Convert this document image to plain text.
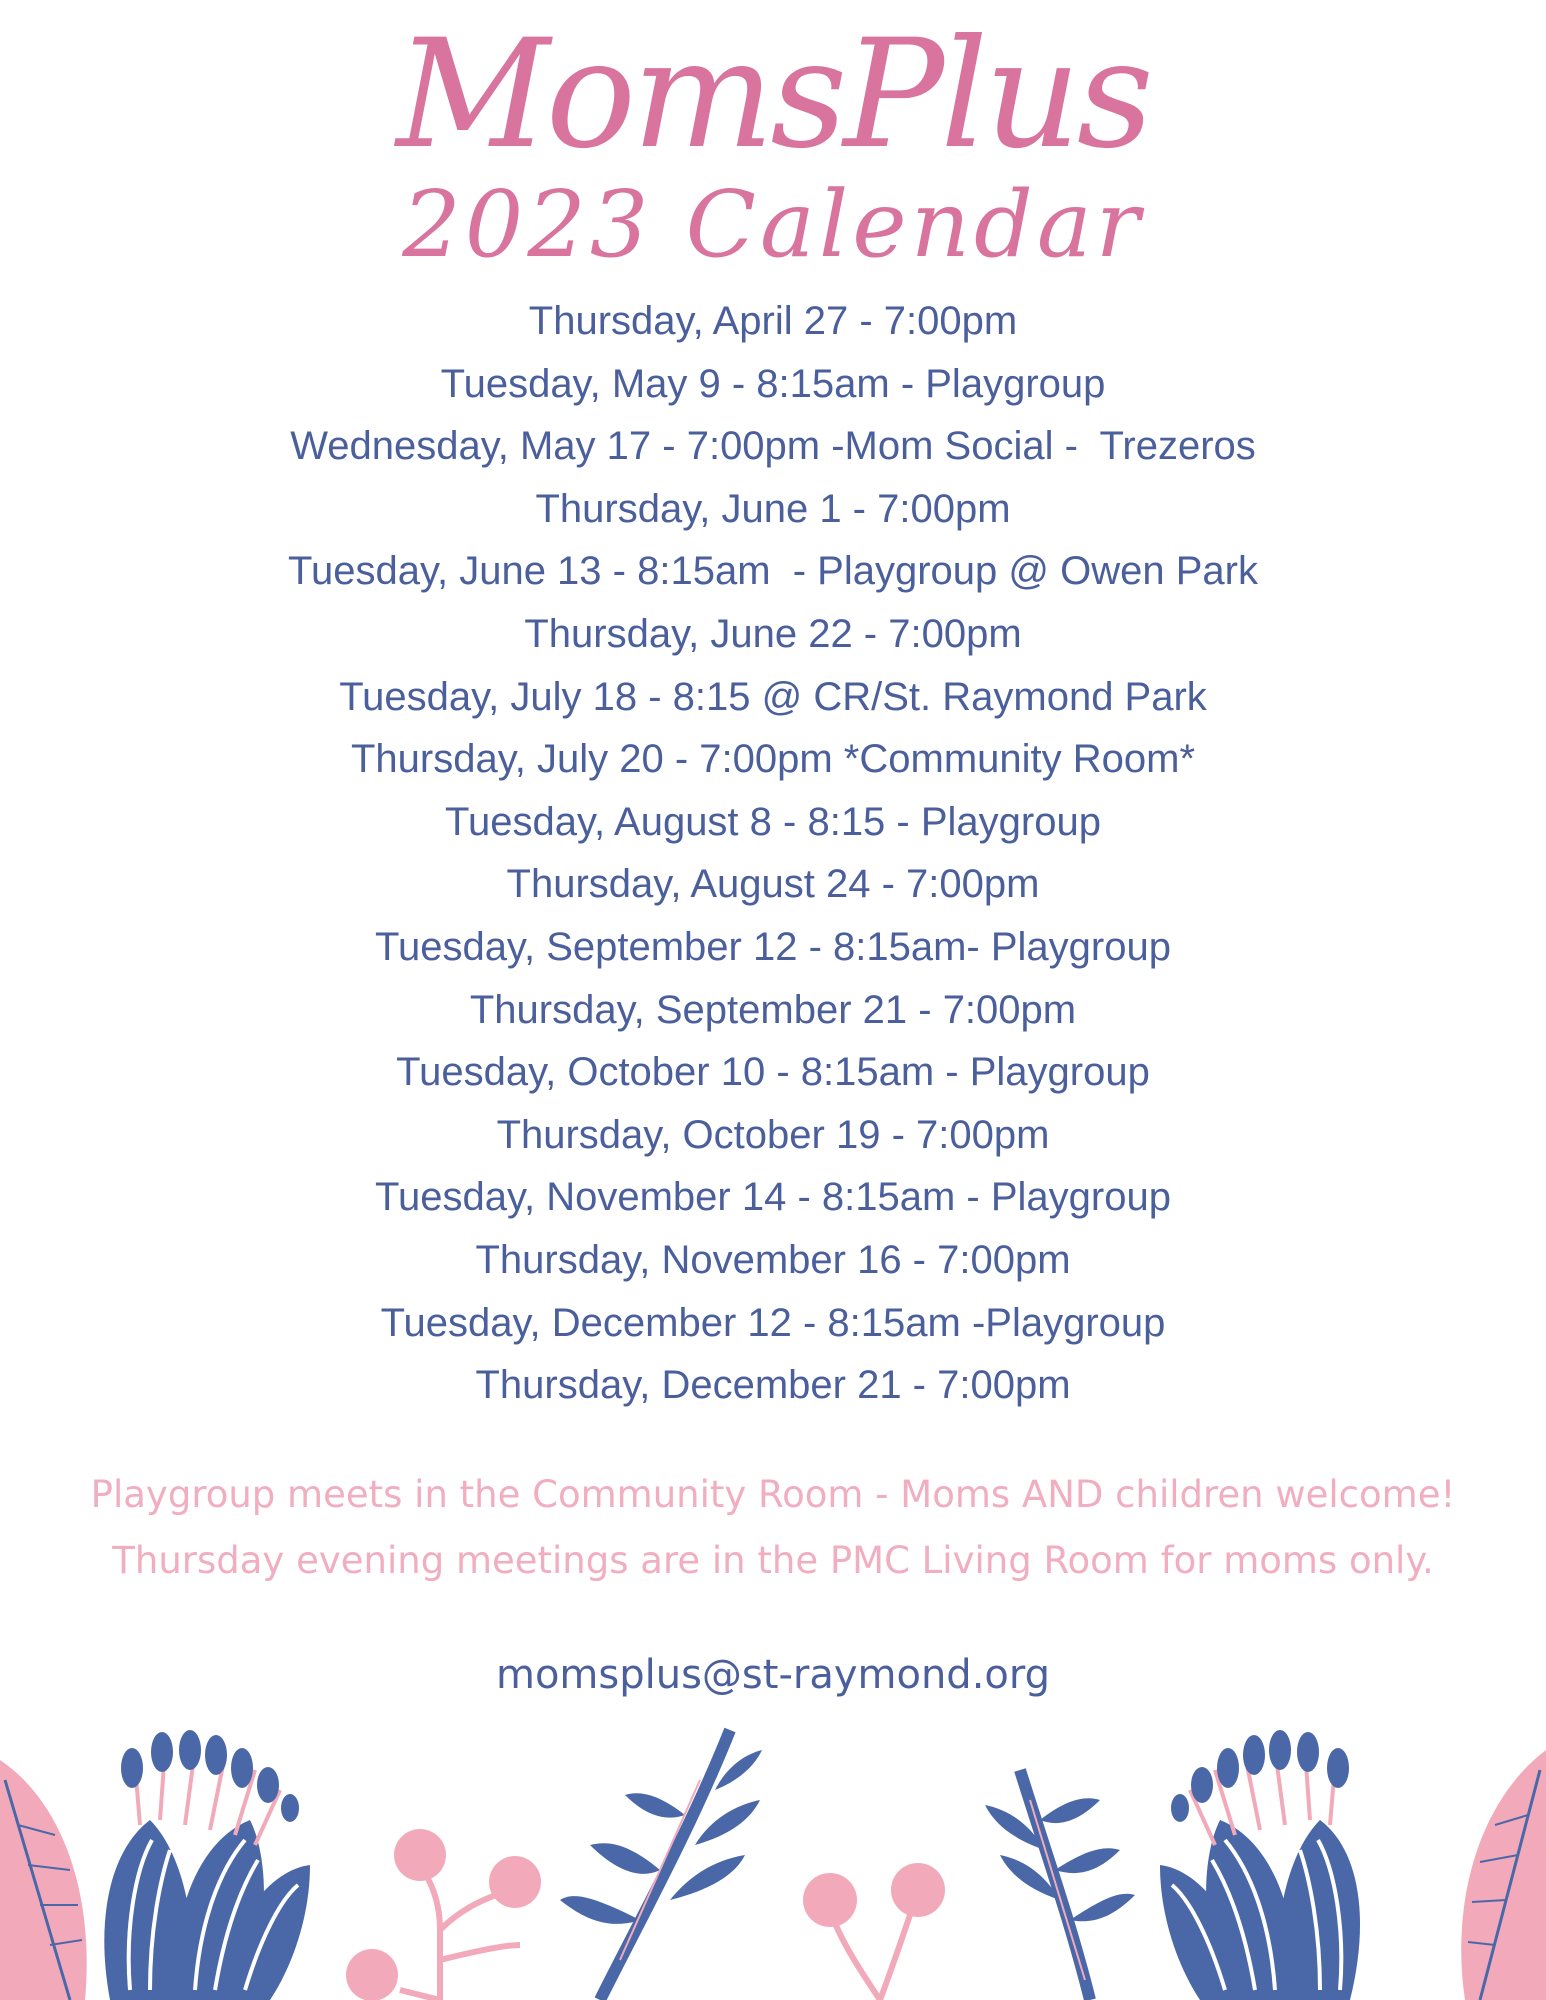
MomsPlus
2023 Calendar
Thursday, April 27 - 7:00pm
Tuesday, May 9 - 8:15am - Playgroup
Wednesday, May 17 - 7:00pm -Mom Social -  Trezeros
Thursday, June 1 - 7:00pm
Tuesday, June 13 - 8:15am  - Playgroup @ Owen Park
Thursday, June 22 - 7:00pm
Tuesday, July 18 - 8:15 @ CR/St. Raymond Park
Thursday, July 20 - 7:00pm *Community Room*
Tuesday, August 8 - 8:15 - Playgroup
Thursday, August 24 - 7:00pm
Tuesday, September 12 - 8:15am- Playgroup
Thursday, September 21 - 7:00pm
Tuesday, October 10 - 8:15am - Playgroup
Thursday, October 19 - 7:00pm
Tuesday, November 14 - 8:15am - Playgroup
Thursday, November 16 - 7:00pm
Tuesday, December 12 - 8:15am -Playgroup
Thursday, December 21 - 7:00pm
Playgroup meets in the Community Room - Moms AND children welcome!
Thursday evening meetings are in the PMC Living Room for moms only.
momsplus@st-raymond.org
